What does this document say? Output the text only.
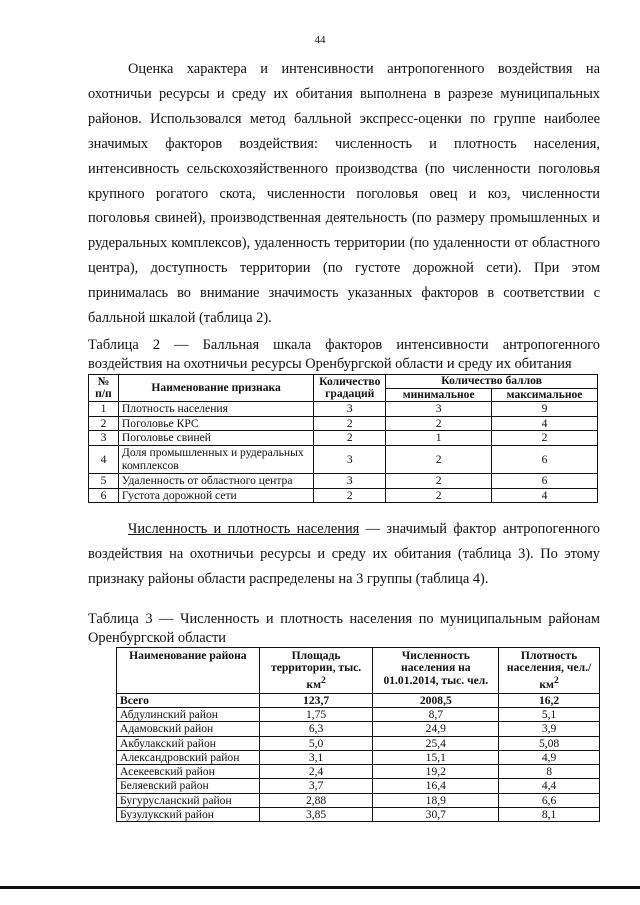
44

Оценка характера и интенсивности антропогенного воздействия на охотничьи ресурсы и среду их обитания выполнена в разрезе муниципальных районов. Использовался метод балльной экспресс-оценки по группе наиболее значимых факторов воздействия: численность и плотность населения, интенсивность сельскохозяйственного производства (по численности поголовья крупного рогатого скота, численности поголовья овец и коз, численности поголовья свиней), производственная деятельность (по размеру промышленных и рудеральных комплексов), удаленность территории (по удаленности от областного центра), доступность территории (по густоте дорожной сети). При этом принималась во внимание значимость указанных факторов в соответствии с балльной шкалой (таблица 2).

Таблица 2 — Балльная шкала факторов интенсивности антропогенного воздействия на охотничьи ресурсы Оренбургской области и среду их обитания

№ п/п	Наименование признака	Количество градаций	Количество баллов	
			минимальное	максимальное
1	Плотность населения	3	3	9
2	Поголовье КРС	2	2	4
3	Поголовье свиней	2	1	2
4	Доля промышленных и рудеральных комплексов	3	2	6
5	Удаленность от областного центра	3	2	6
6	Густота дорожной сети	2	2	4

Численность и плотность населения — значимый фактор антропогенного воздействия на охотничьи ресурсы и среду их обитания (таблица 3). По этому признаку районы области распределены на 3 группы (таблица 4).

Таблица 3 — Численность и плотность населения по муниципальным районам Оренбургской области

Наименование района	Площадь территории, тыс. $км^2$	Численность населения на 01.01.2014, тыс. чел.	Плотность населения, $чел./км^2$
Всего	123,7	2008,5	16,2
Абдулинский район	1,75	8,7	5,1
Адамовский район	6,3	24,9	3,9
Акбулакский район	5,0	25,4	5,08
Александровский район	3,1	15,1	4,9
Асекеевский район	2,4	19,2	8
Беляевский район	3,7	16,4	4,4
Бугурусланский район	2,88	18,9	6,6
Бузулукский район	3,85	30,7	8,1
